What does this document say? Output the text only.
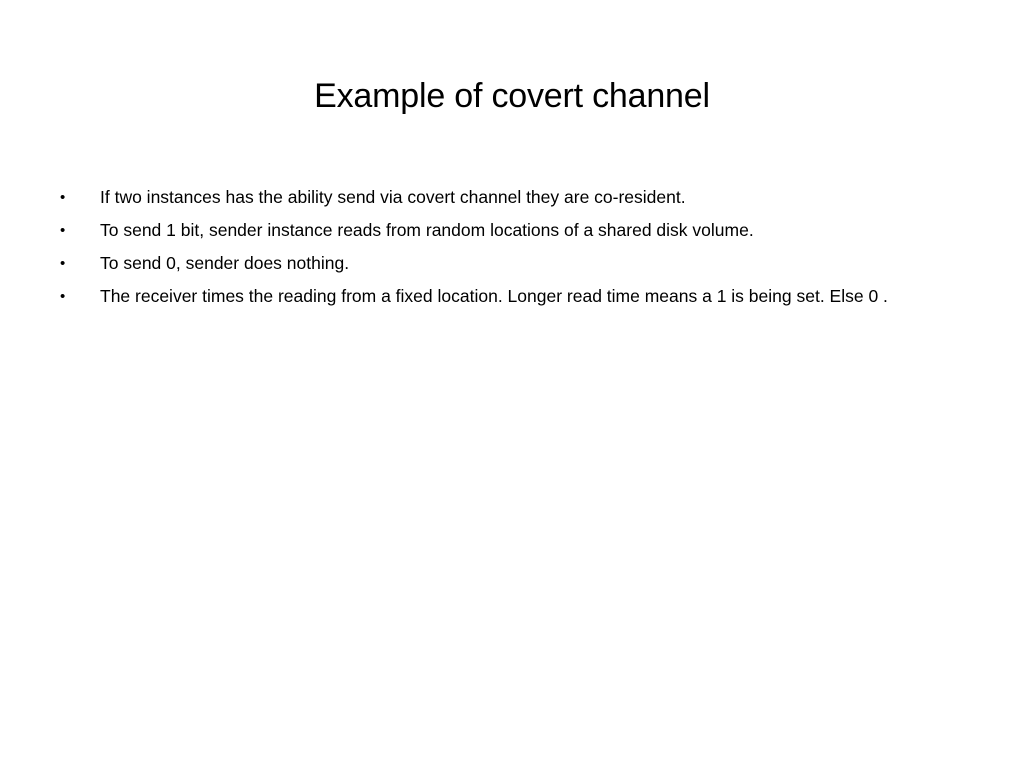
Example of covert channel
•	If two instances has the ability send via covert channel they are co-resident.
•	To send 1 bit, sender instance reads from random locations of a shared disk volume.
•	To send 0, sender does nothing.
•	The receiver times the reading from a fixed location. Longer read time means a 1 is being set. Else 0 .
